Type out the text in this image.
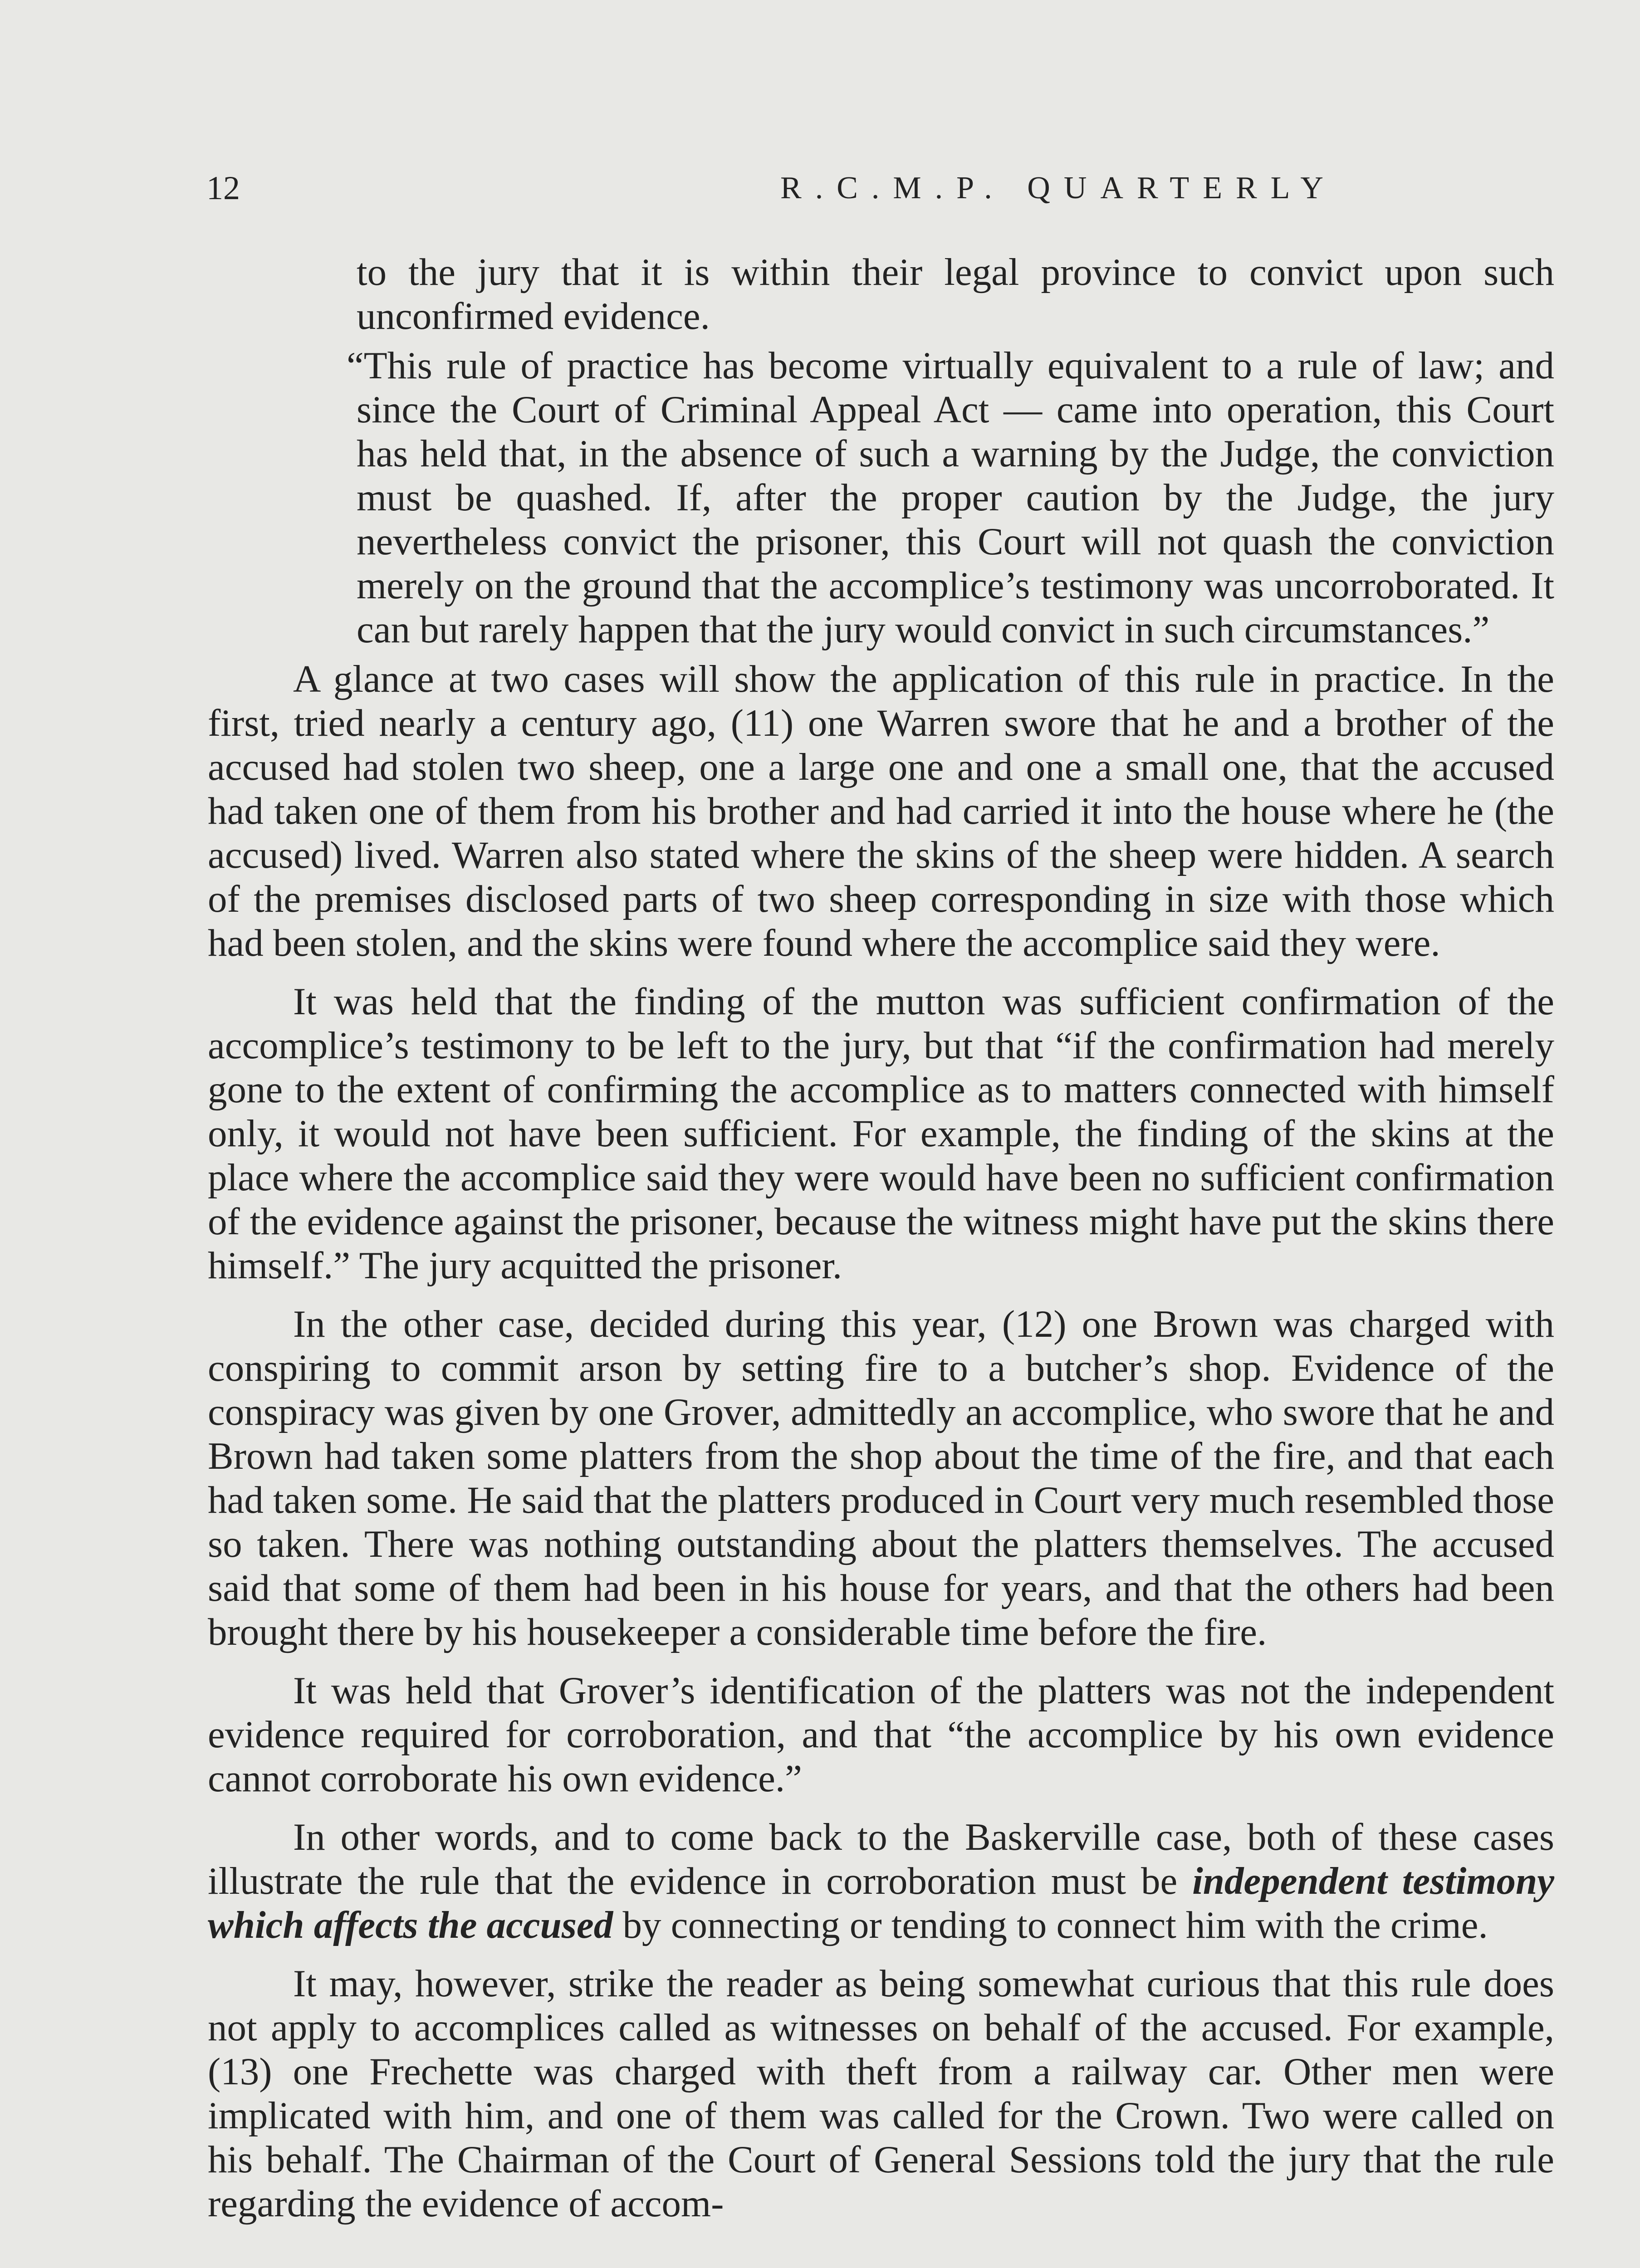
12	R.C.M.P. QUARTERLY

to the jury that it is within their legal province to convict upon such unconfirmed evidence.

“This rule of practice has become virtually equivalent to a rule of law; and since the Court of Criminal Appeal Act — came into operation, this Court has held that, in the absence of such a warning by the Judge, the conviction must be quashed. If, after the proper caution by the Judge, the jury nevertheless convict the prisoner, this Court will not quash the conviction merely on the ground that the accomplice’s testimony was uncorroborated. It can but rarely happen that the jury would convict in such circumstances.”

A glance at two cases will show the application of this rule in practice. In the first, tried nearly a century ago, (11) one Warren swore that he and a brother of the accused had stolen two sheep, one a large one and one a small one, that the accused had taken one of them from his brother and had carried it into the house where he (the accused) lived. Warren also stated where the skins of the sheep were hidden. A search of the premises disclosed parts of two sheep corresponding in size with those which had been stolen, and the skins were found where the accomplice said they were.

It was held that the finding of the mutton was sufficient confirmation of the accomplice’s testimony to be left to the jury, but that “if the confirmation had merely gone to the extent of confirming the accomplice as to matters connected with himself only, it would not have been sufficient. For example, the finding of the skins at the place where the accomplice said they were would have been no sufficient confirmation of the evidence against the prisoner, because the witness might have put the skins there himself.” The jury acquitted the prisoner.

In the other case, decided during this year, (12) one Brown was charged with conspiring to commit arson by setting fire to a butcher’s shop. Evidence of the conspiracy was given by one Grover, admittedly an accomplice, who swore that he and Brown had taken some platters from the shop about the time of the fire, and that each had taken some. He said that the platters produced in Court very much resembled those so taken. There was nothing outstanding about the platters themselves. The accused said that some of them had been in his house for years, and that the others had been brought there by his housekeeper a considerable time before the fire.

It was held that Grover’s identification of the platters was not the independent evidence required for corroboration, and that “the accomplice by his own evidence cannot corroborate his own evidence.”

In other words, and to come back to the Baskerville case, both of these cases illustrate the rule that the evidence in corroboration must be independent testimony which affects the accused by connecting or tending to connect him with the crime.

It may, however, strike the reader as being somewhat curious that this rule does not apply to accomplices called as witnesses on behalf of the accused. For example, (13) one Frechette was charged with theft from a railway car. Other men were implicated with him, and one of them was called for the Crown. Two were called on his behalf. The Chairman of the Court of General Sessions told the jury that the rule regarding the evidence of accom-
